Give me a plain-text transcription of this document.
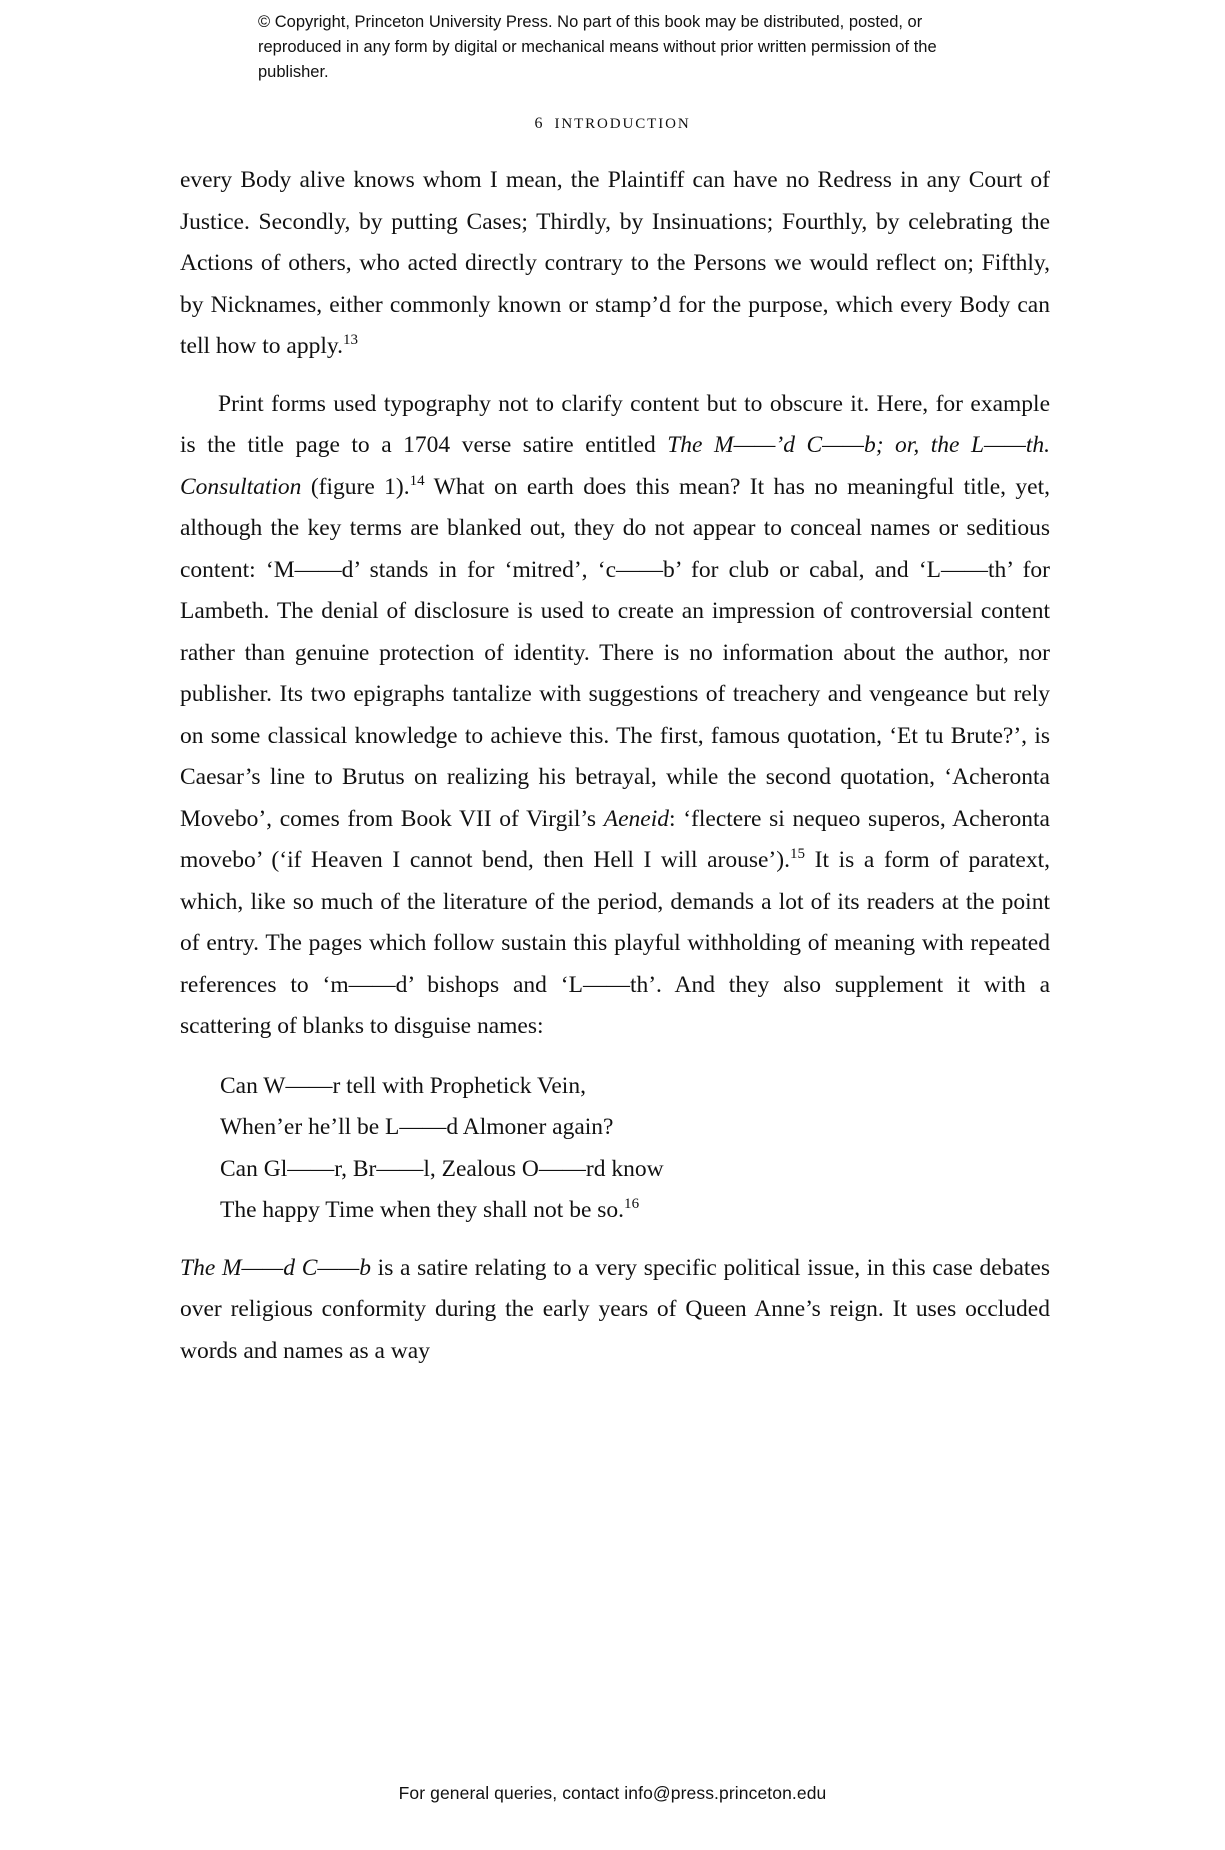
© Copyright, Princeton University Press. No part of this book may be distributed, posted, or reproduced in any form by digital or mechanical means without prior written permission of the publisher.
6 INTRODUCTION

every Body alive knows whom I mean, the Plaintiff can have no Redress in any Court of Justice. Secondly, by putting Cases; Thirdly, by Insinuations; Fourthly, by celebrating the Actions of others, who acted directly contrary to the Persons we would reflect on; Fifthly, by Nicknames, either commonly known or stamp’d for the purpose, which every Body can tell how to apply.$^{13}$

Print forms used typography not to clarify content but to obscure it. Here, for example is the title page to a 1704 verse satire entitled The M——’d C——b; or, the L——th. Consultation (figure 1).$^{14}$ What on earth does this mean? It has no meaningful title, yet, although the key terms are blanked out, they do not appear to conceal names or seditious content: ‘M——d’ stands in for ‘mitred’, ‘c——b’ for club or cabal, and ‘L——th’ for Lambeth. The denial of disclosure is used to create an impression of controversial content rather than genuine protection of identity. There is no information about the author, nor publisher. Its two epigraphs tantalize with suggestions of treachery and vengeance but rely on some classical knowledge to achieve this. The first, famous quotation, ‘Et tu Brute?’, is Caesar’s line to Brutus on realizing his betrayal, while the second quotation, ‘Acheronta Movebo’, comes from Book VII of Virgil’s Aeneid: ‘flectere si nequeo superos, Acheronta movebo’ (‘if Heaven I cannot bend, then Hell I will arouse’).$^{15}$ It is a form of paratext, which, like so much of the literature of the period, demands a lot of its readers at the point of entry. The pages which follow sustain this playful withholding of meaning with repeated references to ‘m——d’ bishops and ‘L——th’. And they also supplement it with a scattering of blanks to disguise names:

Can W——r tell with Prophetick Vein,
When’er he’ll be L——d Almoner again?
Can Gl——r, Br——l, Zealous O——rd know
The happy Time when they shall not be so.$^{16}$

The M——d C——b is a satire relating to a very specific political issue, in this case debates over religious conformity during the early years of Queen Anne’s reign. It uses occluded words and names as a way

For general queries, contact info@press.princeton.edu
